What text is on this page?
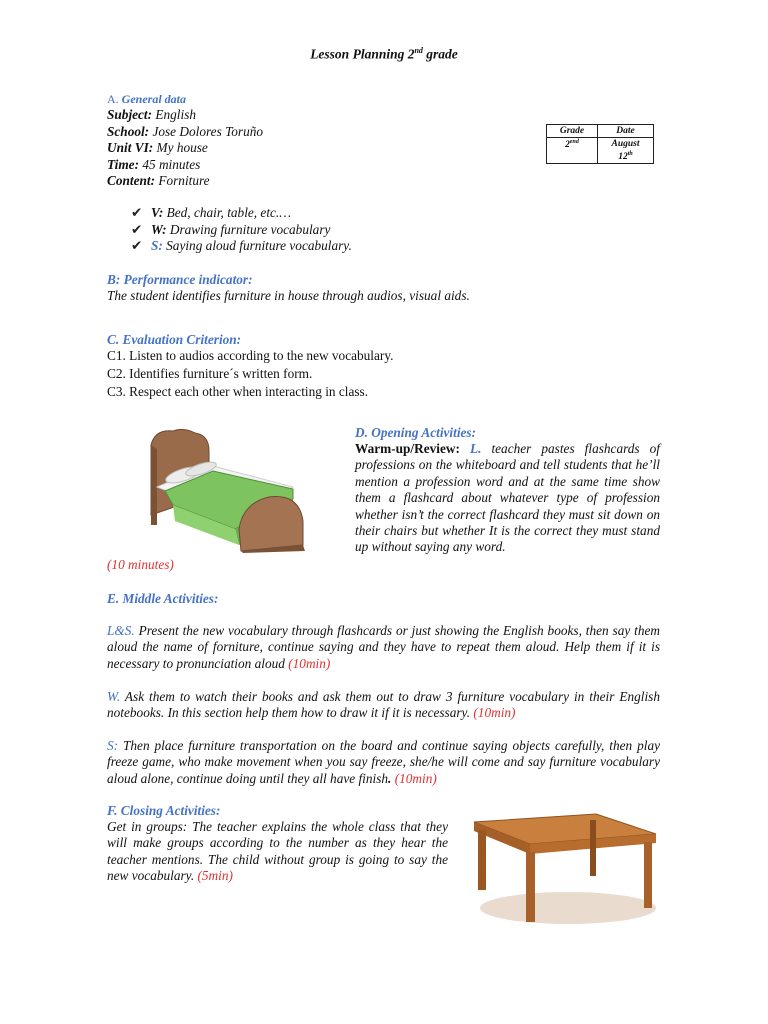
Lesson Planning 2nd grade
A. General data
Subject: English
School: Jose Dolores Toruño
Unit VI: My house
Time: 45 minutes
Content: Forniture
Grade	Date
$2^{end}$	August
12th
✔ V: Bed, chair, table, etc.…
✔ W: Drawing furniture vocabulary
✔ S: Saying aloud furniture vocabulary.
B: Performance indicator:
The student identifies furniture in house through audios, visual aids.
C. Evaluation Criterion:
C1. Listen to audios according to the new vocabulary.
C2. Identifies furniture´s written form.
C3. Respect each other when interacting in class.
D. Opening Activities:
Warm-up/Review: L. teacher pastes flashcards of professions on the whiteboard and tell students that he’ll mention a profession word and at the same time show them a flashcard about whatever type of profession whether isn’t the correct flashcard they must sit down on their chairs but whether It is the correct they must stand up without saying any word.
(10 minutes)
E. Middle Activities:
L&S. Present the new vocabulary through flashcards or just showing the English books, then say them aloud the name of forniture, continue saying and they have to repeat them aloud. Help them if it is necessary to pronunciation aloud (10min)
W. Ask them to watch their books and ask them out to draw 3 furniture vocabulary in their English notebooks. In this section help them how to draw it if it is necessary. (10min)
S: Then place furniture transportation on the board and continue saying objects carefully, then play freeze game, who make movement when you say freeze, she/he will come and say furniture vocabulary aloud alone, continue doing until they all have finish. (10min)
F. Closing Activities:
Get in groups: The teacher explains the whole class that they will make groups according to the number as they hear the teacher mentions. The child without group is going to say the new vocabulary. (5min)
